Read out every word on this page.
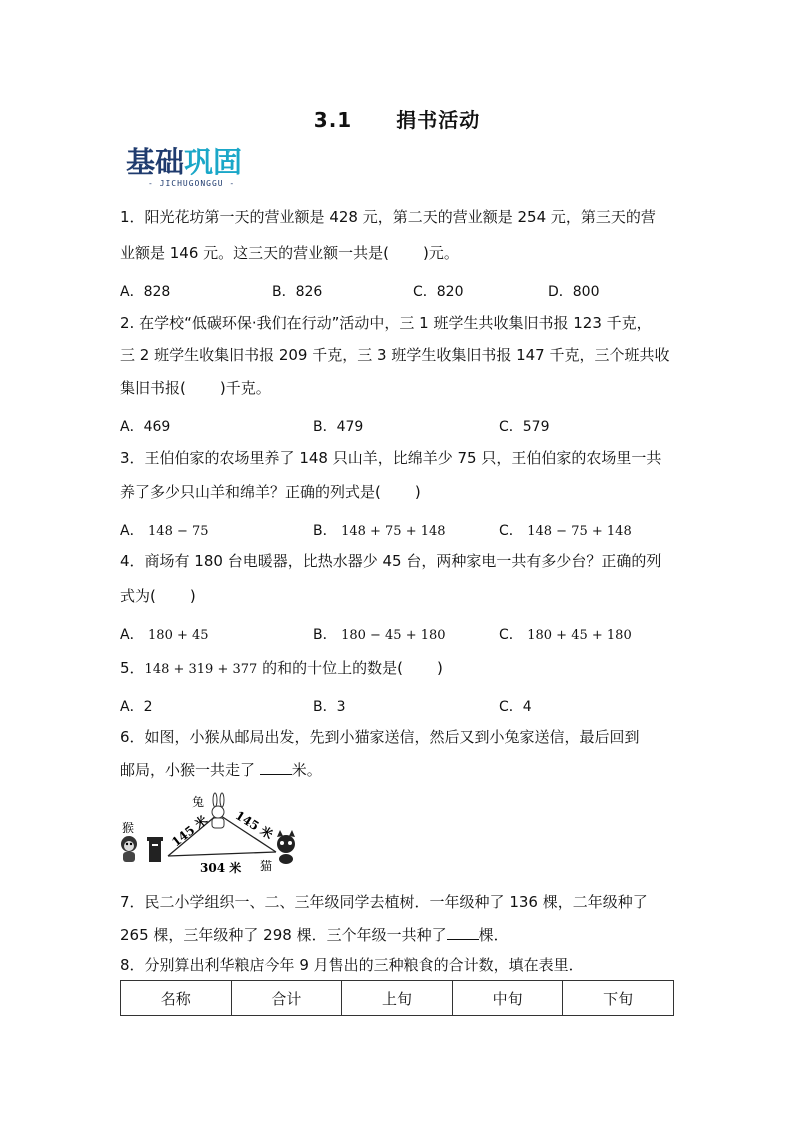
3.1 捐书活动
基础巩固
- JICHUGONGGU -
1．阳光花坊第一天的营业额是 428 元，第二天的营业额是 254 元，第三天的营
业额是 146 元。这三天的营业额一共是( )元。
A．828	B．826	C．820	D．800
2. 在学校“低碳环保·我们在行动”活动中，三 1 班学生共收集旧书报 123 千克，
三 2 班学生收集旧书报 209 千克，三 3 班学生收集旧书报 147 千克，三个班共收
集旧书报( )千克。
A．469	B．479	C．579
3．王伯伯家的农场里养了 148 只山羊，比绵羊少 75 只，王伯伯家的农场里一共
养了多少只山羊和绵羊？正确的列式是( )
A． 148 − 75	B． 148 + 75 + 148	C． 148 − 75 + 148
4．商场有 180 台电暖器，比热水器少 45 台，两种家电一共有多少台？正确的列
式为( )
A． 180 + 45	B． 180 − 45 + 180	C． 180 + 45 + 180
5．148 + 319 + 377 的和的十位上的数是( )
A．2	B．3	C．4
6．如图，小猴从邮局出发，先到小猫家送信，然后又到小兔家送信，最后回到
邮局，小猴一共走了 米。
猴
兔
猫
145 米 145 米
304 米
7．民二小学组织一、二、三年级同学去植树．一年级种了 136 棵，二年级种了
265 棵，三年级种了 298 棵．三个年级一共种了 棵．
8．分别算出利华粮店今年 9 月售出的三种粮食的合计数，填在表里．
名称	合计	上旬	中旬	下旬
